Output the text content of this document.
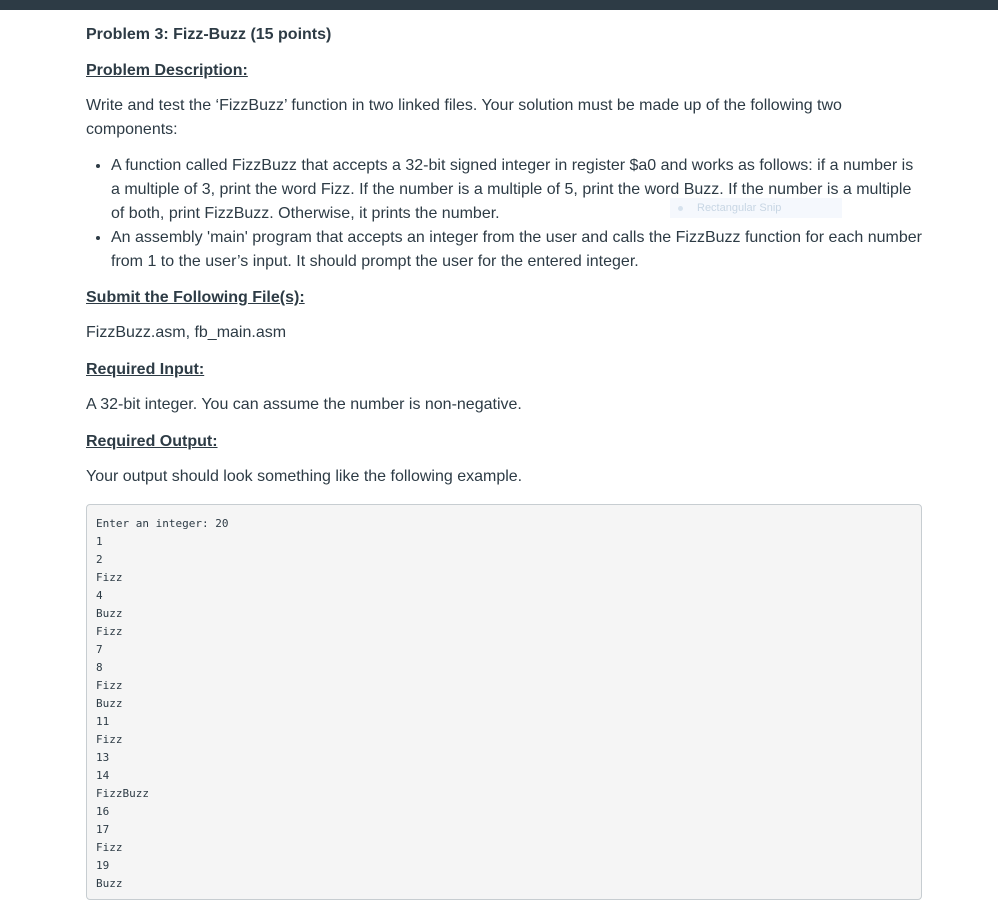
Problem 3: Fizz-Buzz (15 points)
Problem Description:

Write and test the ‘FizzBuzz’ function in two linked files. Your solution must be made up of the following two components:

• A function called FizzBuzz that accepts a 32-bit signed integer in register $a0 and works as follows: if a number is a multiple of 3, print the word Fizz. If the number is a multiple of 5, print the word Buzz. If the number is a multiple of both, print FizzBuzz. Otherwise, it prints the number.
• An assembly 'main' program that accepts an integer from the user and calls the FizzBuzz function for each number from 1 to the user’s input. It should prompt the user for the entered integer.
Submit the Following File(s):

FizzBuzz.asm, fb_main.asm

Required Input:

A 32-bit integer. You can assume the number is non-negative.

Required Output:

Your output should look something like the following example.

Rectangular Snip
Enter an integer: 20
1
2
Fizz
4
Buzz
Fizz
7
8
Fizz
Buzz
11
Fizz
13
14
FizzBuzz
16
17
Fizz
19
Buzz
